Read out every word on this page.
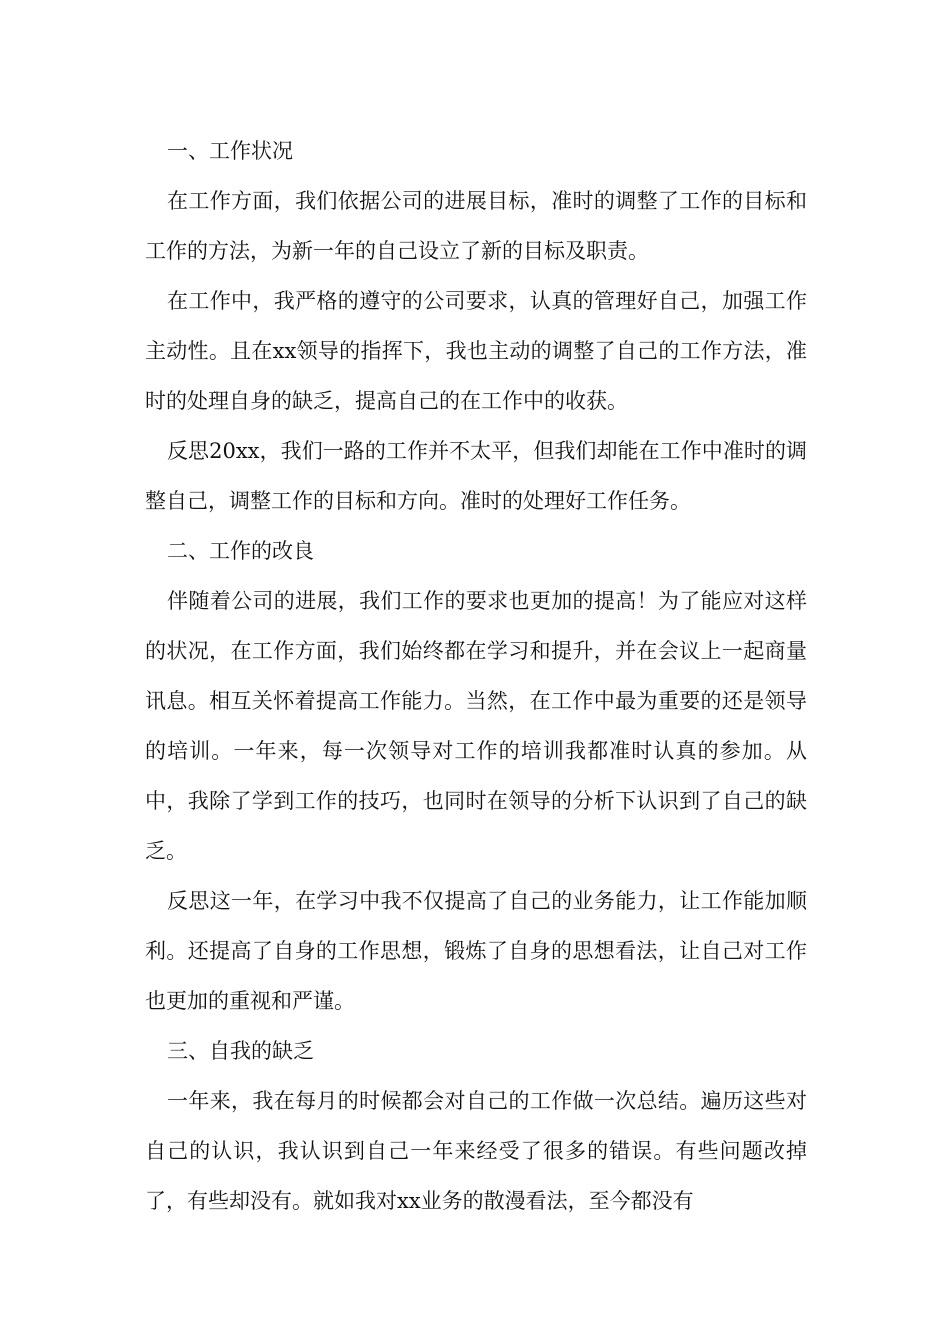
一、工作状况

在工作方面，我们依据公司的进展目标，准时的调整了工作的目标和工作的方法，为新一年的自己设立了新的目标及职责。

在工作中，我严格的遵守的公司要求，认真的管理好自己，加强工作主动性。且在xx领导的指挥下，我也主动的调整了自己的工作方法，准时的处理自身的缺乏，提高自己的在工作中的收获。

反思20xx，我们一路的工作并不太平，但我们却能在工作中准时的调整自己，调整工作的目标和方向。准时的处理好工作任务。

二、工作的改良

伴随着公司的进展，我们工作的要求也更加的提高！为了能应对这样的状况，在工作方面，我们始终都在学习和提升，并在会议上一起商量讯息。相互关怀着提高工作能力。当然，在工作中最为重要的还是领导的培训。一年来，每一次领导对工作的培训我都准时认真的参加。从中，我除了学到工作的技巧，也同时在领导的分析下认识到了自己的缺乏。

反思这一年，在学习中我不仅提高了自己的业务能力，让工作能加顺利。还提高了自身的工作思想，锻炼了自身的思想看法，让自己对工作也更加的重视和严谨。

三、自我的缺乏

一年来，我在每月的时候都会对自己的工作做一次总结。遍历这些对自己的认识，我认识到自己一年来经受了很多的错误。有些问题改掉了，有些却没有。就如我对xx业务的散漫看法，至今都没有
